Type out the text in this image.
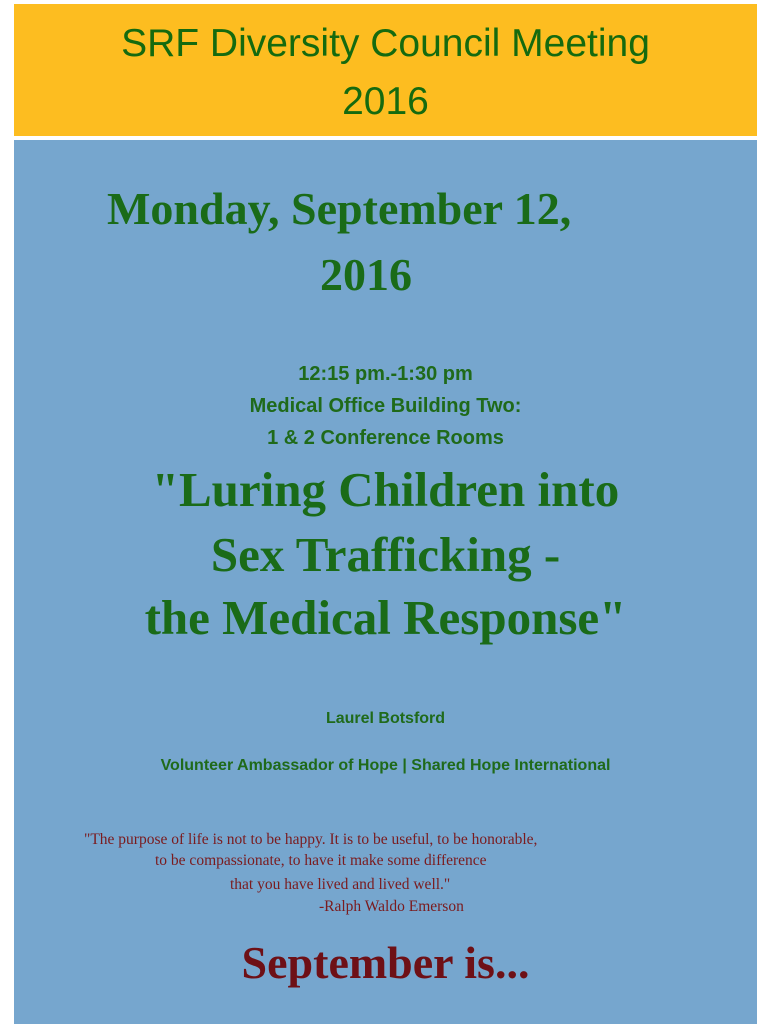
SRF Diversity Council Meeting
2016
Monday, September 12,
2016
12:15 pm.-1:30 pm
Medical Office Building Two:
1 & 2 Conference Rooms
"Luring Children into
Sex Trafficking -
the Medical Response"
Laurel Botsford
Volunteer Ambassador of Hope | Shared Hope International
"The purpose of life is not to be happy. It is to be useful, to be honorable,
to be compassionate, to have it make some difference
that you have lived and lived well."
-Ralph Waldo Emerson
September is...
